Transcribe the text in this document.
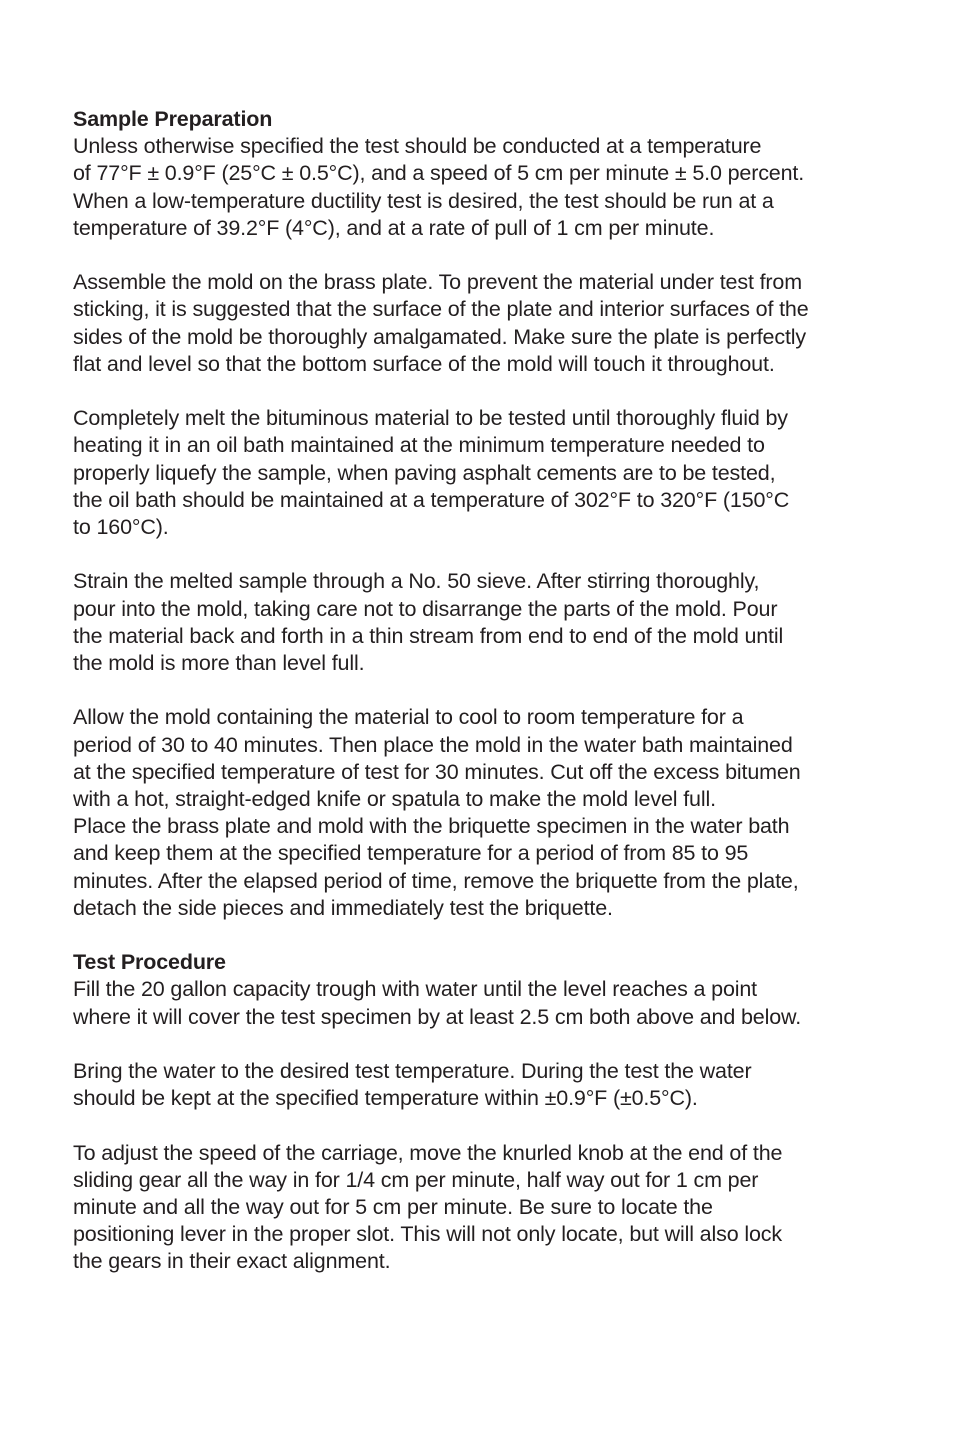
Sample Preparation
Unless otherwise specified the test should be conducted at a temperature
of 77°F ± 0.9°F (25°C ± 0.5°C), and a speed of 5 cm per minute ± 5.0 percent.
When a low-temperature ductility test is desired, the test should be run at a
temperature of 39.2°F (4°C), and at a rate of pull of 1 cm per minute.
Assemble the mold on the brass plate. To prevent the material under test from
sticking, it is suggested that the surface of the plate and interior surfaces of the
sides of the mold be thoroughly amalgamated. Make sure the plate is perfectly
flat and level so that the bottom surface of the mold will touch it throughout.
Completely melt the bituminous material to be tested until thoroughly fluid by
heating it in an oil bath maintained at the minimum temperature needed to
properly liquefy the sample, when paving asphalt cements are to be tested,
the oil bath should be maintained at a temperature of 302°F to 320°F (150°C
to 160°C).
Strain the melted sample through a No. 50 sieve. After stirring thoroughly,
pour into the mold, taking care not to disarrange the parts of the mold. Pour
the material back and forth in a thin stream from end to end of the mold until
the mold is more than level full.
Allow the mold containing the material to cool to room temperature for a
period of 30 to 40 minutes. Then place the mold in the water bath maintained
at the specified temperature of test for 30 minutes. Cut off the excess bitumen
with a hot, straight-edged knife or spatula to make the mold level full.
Place the brass plate and mold with the briquette specimen in the water bath
and keep them at the specified temperature for a period of from 85 to 95
minutes. After the elapsed period of time, remove the briquette from the plate,
detach the side pieces and immediately test the briquette.
Test Procedure
Fill the 20 gallon capacity trough with water until the level reaches a point
where it will cover the test specimen by at least 2.5 cm both above and below.
Bring the water to the desired test temperature. During the test the water
should be kept at the specified temperature within ±0.9°F (±0.5°C).
To adjust the speed of the carriage, move the knurled knob at the end of the
sliding gear all the way in for 1/4 cm per minute, half way out for 1 cm per
minute and all the way out for 5 cm per minute. Be sure to locate the
positioning lever in the proper slot. This will not only locate, but will also lock
the gears in their exact alignment.
